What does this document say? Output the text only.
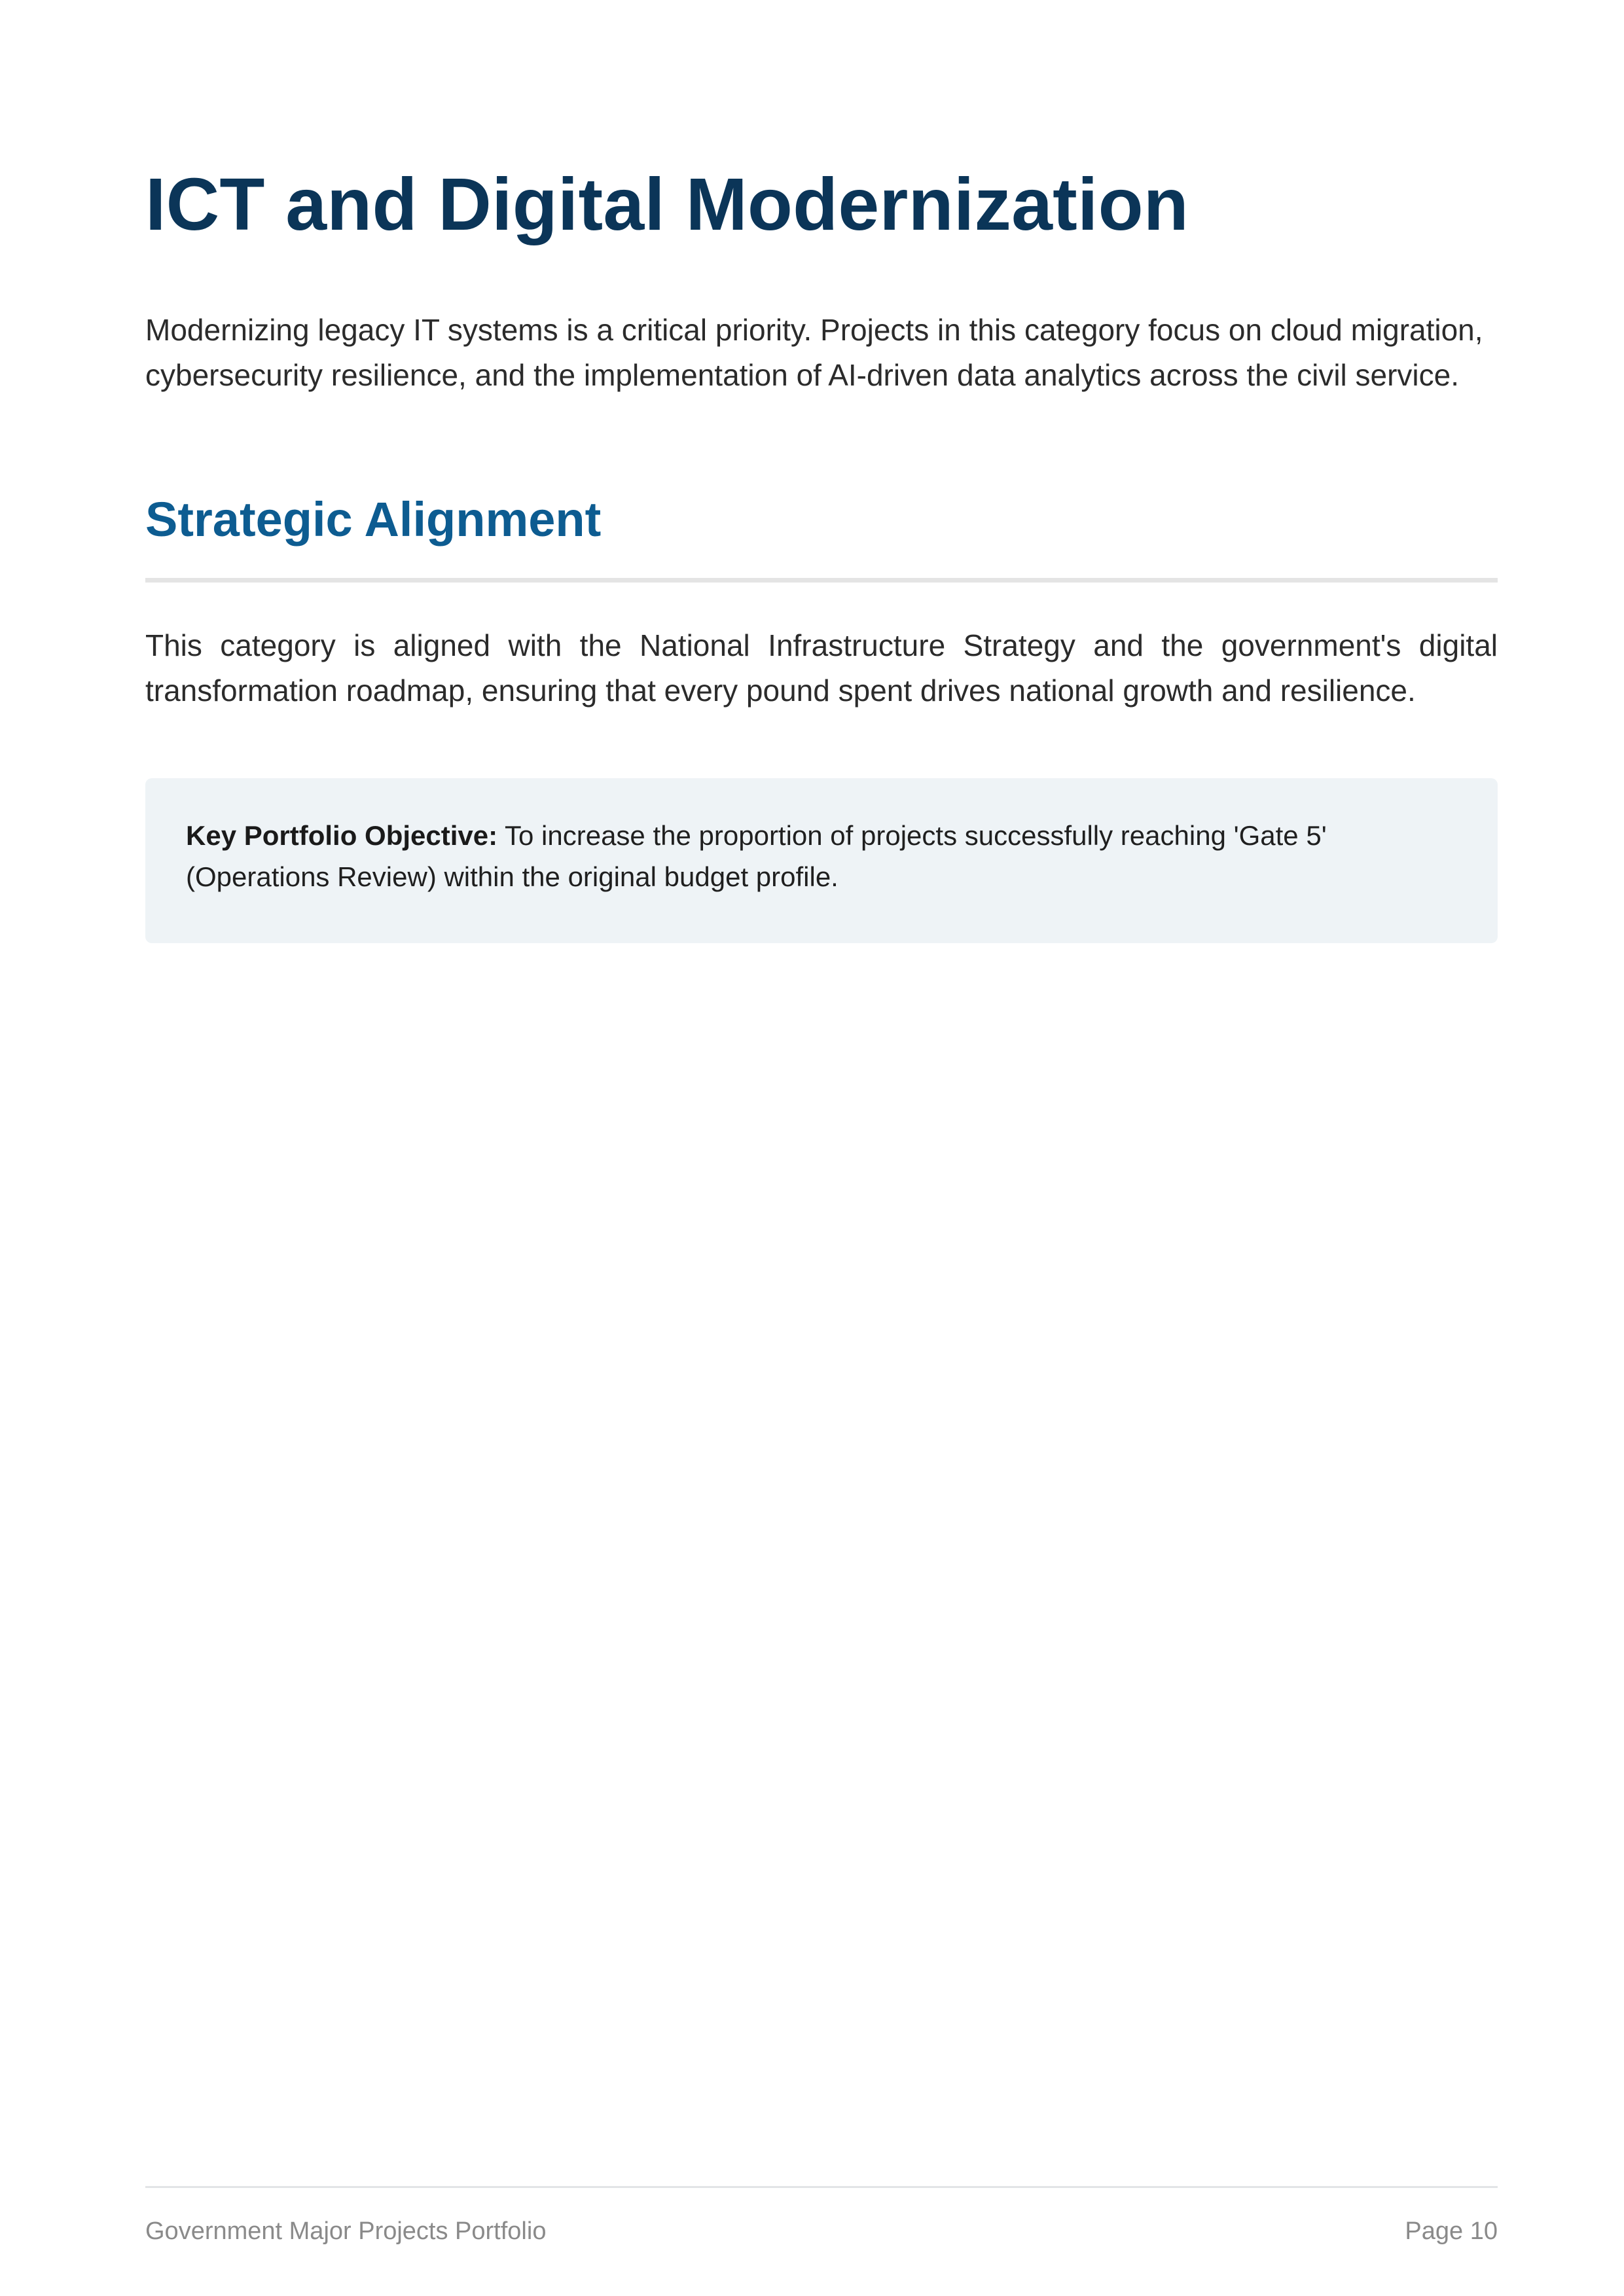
ICT and Digital Modernization

Modernizing legacy IT systems is a critical priority. Projects in this category focus on cloud migration, cybersecurity resilience, and the implementation of AI-driven data analytics across the civil service.

Strategic Alignment

This category is aligned with the National Infrastructure Strategy and the government's digital transformation roadmap, ensuring that every pound spent drives national growth and resilience.

Key Portfolio Objective: To increase the proportion of projects successfully reaching 'Gate 5' (Operations Review) within the original budget profile.

Government Major Projects Portfolio	Page 10
